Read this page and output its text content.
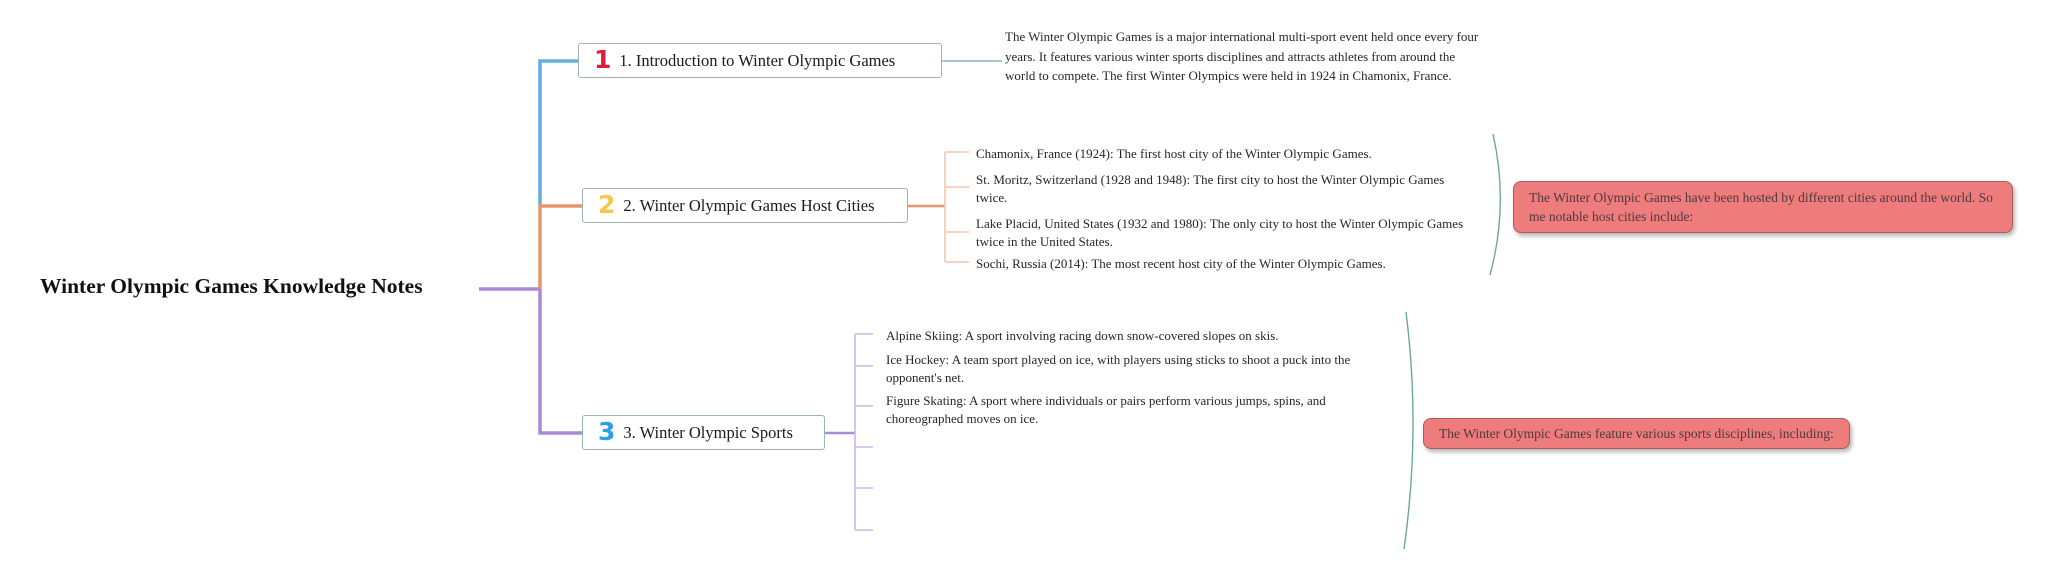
Winter Olympic Games Knowledge Notes
1 1. Introduction to Winter Olympic Games
2 2. Winter Olympic Games Host Cities
3 3. Winter Olympic Sports
The Winter Olympic Games is a major international multi-sport event held once every four years. It features various winter sports disciplines and attracts athletes from around the world to compete. The first Winter Olympics were held in 1924 in Chamonix, France.
Chamonix, France (1924): The first host city of the Winter Olympic Games.
St. Moritz, Switzerland (1928 and 1948): The first city to host the Winter Olympic Games twice.
Lake Placid, United States (1932 and 1980): The only city to host the Winter Olympic Games twice in the United States.
Sochi, Russia (2014): The most recent host city of the Winter Olympic Games.
Alpine Skiing: A sport involving racing down snow-covered slopes on skis.
Ice Hockey: A team sport played on ice, with players using sticks to shoot a puck into the opponent's net.
Figure Skating: A sport where individuals or pairs perform various jumps, spins, and choreographed moves on ice.
The Winter Olympic Games have been hosted by different cities around the world. Some notable host cities include:
The Winter Olympic Games feature various sports disciplines, including:
